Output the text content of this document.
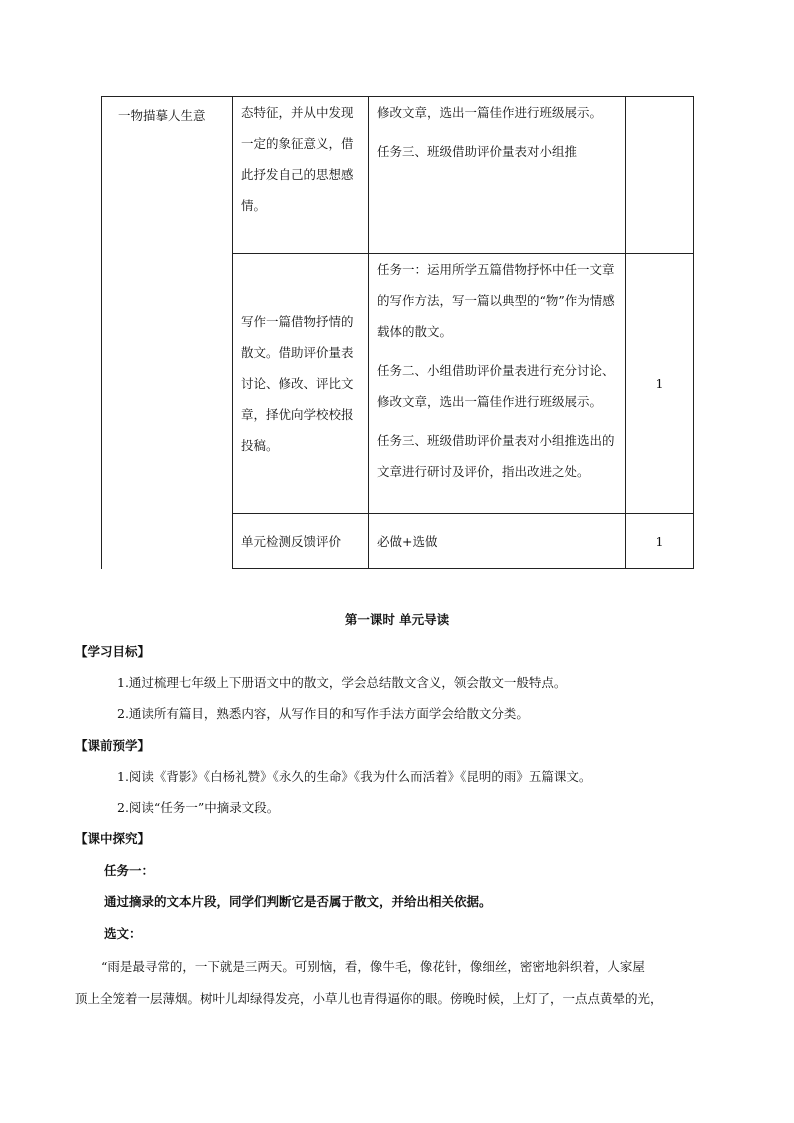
一物描摹人生意	态特征，并从中发现一定的象征意义，借此抒发自己的思想感情。	修改文章，选出一篇佳作进行班级展示。
任务三、班级借助评价量表对小组推	

	写作一篇借物抒情的散文。借助评价量表讨论、修改、评比文章，择优向学校校报投稿。	任务一：运用所学五篇借物抒怀中任一文章的写作方法，写一篇以典型的“物”作为情感载体的散文。
任务二、小组借助评价量表进行充分讨论、修改文章，选出一篇佳作进行班级展示。
任务三、班级借助评价量表对小组推选出的文章进行研讨及评价，指出改进之处。	1
	单元检测反馈评价	必做+选做	1
第一课时 单元导读
【学习目标】
1.通过梳理七年级上下册语文中的散文，学会总结散文含义，领会散文一般特点。
2.通读所有篇目，熟悉内容，从写作目的和写作手法方面学会给散文分类。
【课前预学】
1.阅读《背影》《白杨礼赞》《永久的生命》《我为什么而活着》《昆明的雨》五篇课文。
2.阅读“任务一”中摘录文段。
【课中探究】
任务一：
通过摘录的文本片段，同学们判断它是否属于散文，并给出相关依据。
选文：
“雨是最寻常的，一下就是三两天。可别恼，看，像牛毛，像花针，像细丝，密密地斜织着，人家屋
顶上全笼着一层薄烟。树叶儿却绿得发亮，小草儿也青得逼你的眼。傍晚时候，上灯了，一点点黄晕的光，
